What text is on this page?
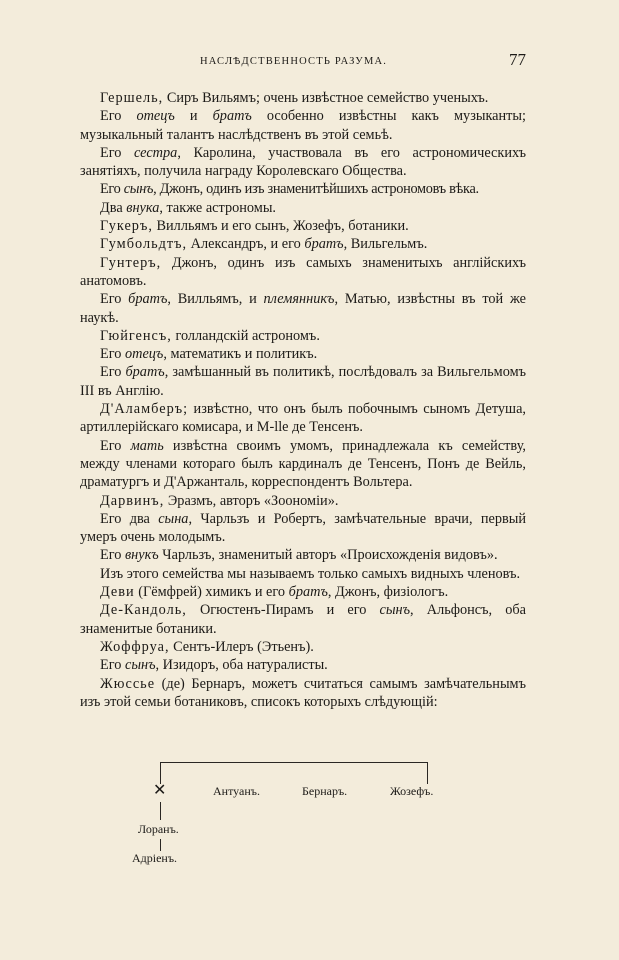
НАСЛѢДСТВЕННОСТЬ РАЗУМА.	77

Гершель, Сиръ Вильямъ; очень извѣстное семейство ученыхъ.

Его отецъ и братъ особенно извѣстны какъ музыканты; музыкальный талантъ наслѣдственъ въ этой семьѣ.

Его сестра, Каролина, участвовала въ его астрономическихъ занятiяхъ, получила награду Королевскаго Общества.

Его сынъ, Джонъ, одинъ изъ знаменитѣйшихъ астрономовъ вѣка.

Два внука, также астрономы.

Гукеръ, Вилльямъ и его сынъ, Жозефъ, ботаники.

Гумбольдтъ, Александръ, и его братъ, Вильгельмъ.

Гунтеръ, Джонъ, одинъ изъ самыхъ знаменитыхъ англiйскихъ анатомовъ.

Его братъ, Вилльямъ, и племянникъ, Матью, извѣстны въ той же наукѣ.

Гюйгенсъ, голландскiй астрономъ.

Его отецъ, математикъ и политикъ.

Его братъ, замѣшанный въ политикѣ, послѣдовалъ за Вильгельмомъ III въ Англiю.

Д'Аламберъ; извѣстно, что онъ былъ побочнымъ сыномъ Детуша, артиллерiйскаго комисара, и M-lle де Тенсенъ.

Его мать извѣстна своимъ умомъ, принадлежала къ семейству, между членами котораго былъ кардиналъ де Тенсенъ, Понъ де Вейль, драматургъ и Д'Аржанталь, корреспондентъ Вольтера.

Дарвинъ, Эразмъ, авторъ «Зоономiи».

Его два сына, Чарльзъ и Робертъ, замѣчательные врачи, первый умеръ очень молодымъ.

Его внукъ Чарльзъ, знаменитый авторъ «Происхожденiя видовъ».

Изъ этого семейства мы называемъ только самыхъ видныхъ членовъ.

Деви (Гёмфрей) химикъ и его братъ, Джонъ, физiологъ.

Де-Кандоль, Огюстенъ-Пирамъ и его сынъ, Альфонсъ, оба знаменитые ботаники.

Жоффруа, Сентъ-Илеръ (Этьенъ).

Его сынъ, Изидоръ, оба натуралисты.

Жюссье (де) Бернаръ, можетъ считаться самымъ замѣчательнымъ изъ этой семьи ботаниковъ, списокъ которыхъ слѣдующiй:

✕	Антуанъ.	Бернаръ.	Жозефъ.
Лоранъ.
Адрiенъ.
